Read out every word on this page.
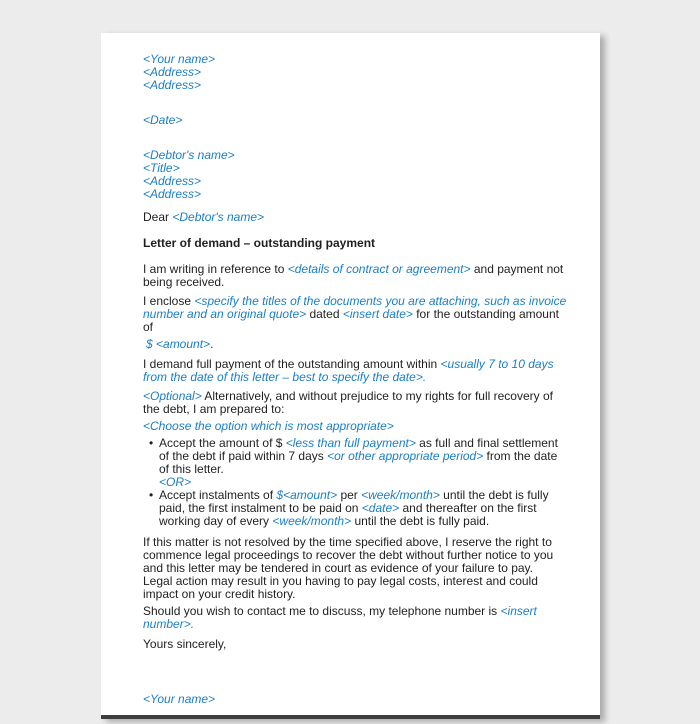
<Your name>
<Address>
<Address>
<Date>
<Debtor's name>
<Title>
<Address>
<Address>
Dear <Debtor's name>
Letter of demand – outstanding payment
I am writing in reference to <details of contract or agreement> and payment not being received.
I enclose <specify the titles of the documents you are attaching, such as invoice number and an original quote> dated <insert date> for the outstanding amount of
$ <amount>.
I demand full payment of the outstanding amount within <usually 7 to 10 days from the date of this letter – best to specify the date>.
<Optional> Alternatively, and without prejudice to my rights for full recovery of the debt, I am prepared to:
<Choose the option which is most appropriate>
• Accept the amount of $ <less than full payment> as full and final settlement of the debt if paid within 7 days <or other appropriate period> from the date of this letter.
<OR>
• Accept instalments of $<amount> per <week/month> until the debt is fully paid, the first instalment to be paid on <date> and thereafter on the first working day of every <week/month> until the debt is fully paid.
If this matter is not resolved by the time specified above, I reserve the right to commence legal proceedings to recover the debt without further notice to you and this letter may be tendered in court as evidence of your failure to pay.  Legal action may result in you having to pay legal costs, interest and could impact on your credit history.
Should you wish to contact me to discuss, my telephone number is <insert number>.
Yours sincerely,
<Your name>
